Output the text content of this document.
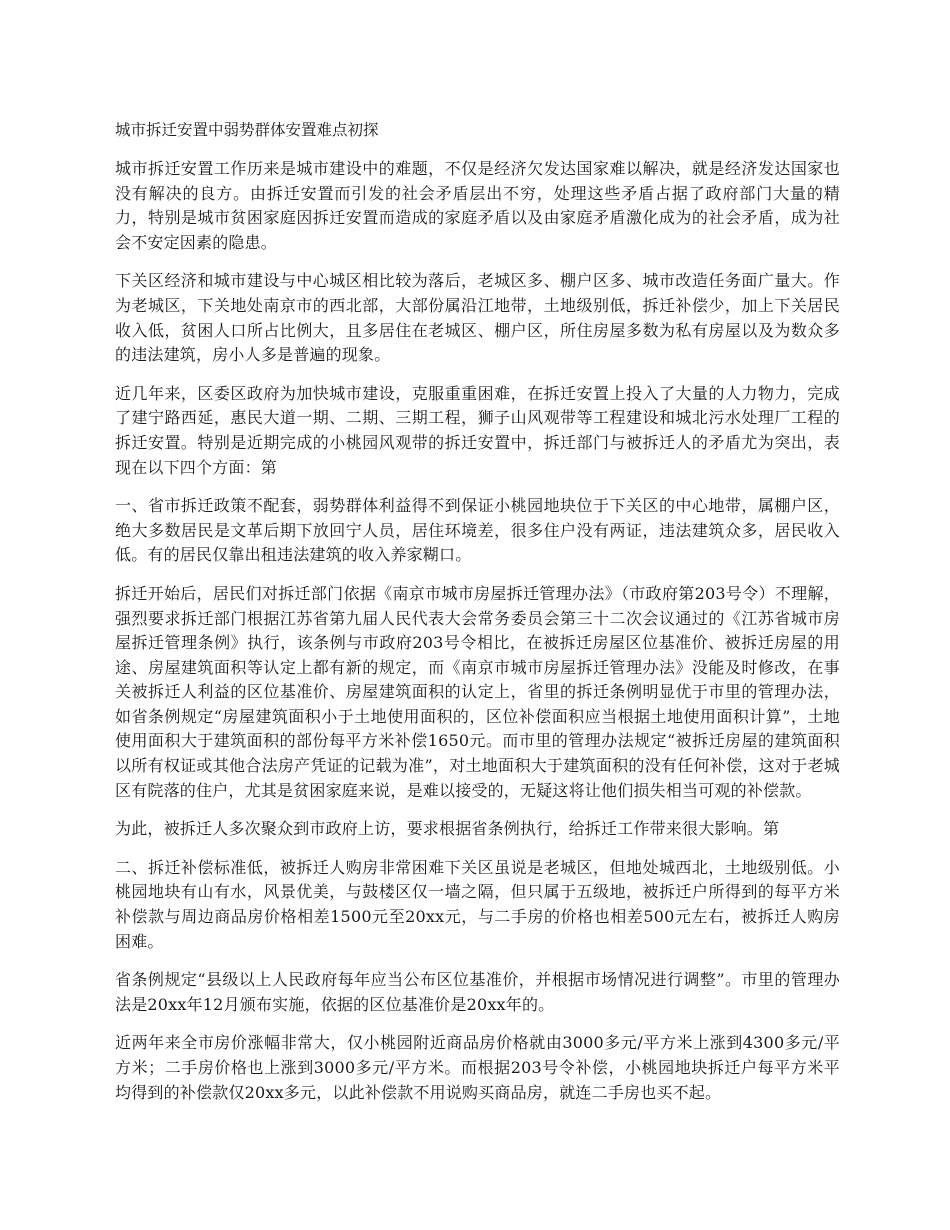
城市拆迁安置中弱势群体安置难点初探

城市拆迁安置工作历来是城市建设中的难题，不仅是经济欠发达国家难以解决，就是经济发达国家也没有解决的良方。由拆迁安置而引发的社会矛盾层出不穷，处理这些矛盾占据了政府部门大量的精力，特别是城市贫困家庭因拆迁安置而造成的家庭矛盾以及由家庭矛盾激化成为的社会矛盾，成为社会不安定因素的隐患。

下关区经济和城市建设与中心城区相比较为落后，老城区多、棚户区多、城市改造任务面广量大。作为老城区，下关地处南京市的西北部，大部份属沿江地带，土地级别低，拆迁补偿少，加上下关居民收入低，贫困人口所占比例大，且多居住在老城区、棚户区，所住房屋多数为私有房屋以及为数众多的违法建筑，房小人多是普遍的现象。

近几年来，区委区政府为加快城市建设，克服重重困难，在拆迁安置上投入了大量的人力物力，完成了建宁路西延，惠民大道一期、二期、三期工程，狮子山风观带等工程建设和城北污水处理厂工程的拆迁安置。特别是近期完成的小桃园风观带的拆迁安置中，拆迁部门与被拆迁人的矛盾尤为突出，表现在以下四个方面：第

一、省市拆迁政策不配套，弱势群体利益得不到保证小桃园地块位于下关区的中心地带，属棚户区，绝大多数居民是文革后期下放回宁人员，居住环境差，很多住户没有两证，违法建筑众多，居民收入低。有的居民仅靠出租违法建筑的收入养家糊口。

拆迁开始后，居民们对拆迁部门依据《南京市城市房屋拆迁管理办法》（市政府第203号令）不理解，强烈要求拆迁部门根据江苏省第九届人民代表大会常务委员会第三十二次会议通过的《江苏省城市房屋拆迁管理条例》执行，该条例与市政府203号令相比，在被拆迁房屋区位基准价、被拆迁房屋的用途、房屋建筑面积等认定上都有新的规定，而《南京市城市房屋拆迁管理办法》没能及时修改，在事关被拆迁人利益的区位基准价、房屋建筑面积的认定上，省里的拆迁条例明显优于市里的管理办法，如省条例规定“房屋建筑面积小于土地使用面积的，区位补偿面积应当根据土地使用面积计算”，土地使用面积大于建筑面积的部份每平方米补偿1650元。而市里的管理办法规定“被拆迁房屋的建筑面积以所有权证或其他合法房产凭证的记载为准”，对土地面积大于建筑面积的没有任何补偿，这对于老城区有院落的住户，尤其是贫困家庭来说，是难以接受的，无疑这将让他们损失相当可观的补偿款。

为此，被拆迁人多次聚众到市政府上访，要求根据省条例执行，给拆迁工作带来很大影响。第

二、拆迁补偿标准低，被拆迁人购房非常困难下关区虽说是老城区，但地处城西北，土地级别低。小桃园地块有山有水，风景优美，与鼓楼区仅一墙之隔，但只属于五级地，被拆迁户所得到的每平方米补偿款与周边商品房价格相差1500元至20xx元，与二手房的价格也相差500元左右，被拆迁人购房困难。

省条例规定“县级以上人民政府每年应当公布区位基准价，并根据市场情况进行调整”。市里的管理办法是20xx年12月颁布实施，依据的区位基准价是20xx年的。

近两年来全市房价涨幅非常大，仅小桃园附近商品房价格就由3000多元/平方米上涨到4300多元/平方米；二手房价格也上涨到3000多元/平方米。而根据203号令补偿，小桃园地块拆迁户每平方米平均得到的补偿款仅20xx多元，以此补偿款不用说购买商品房，就连二手房也买不起。
